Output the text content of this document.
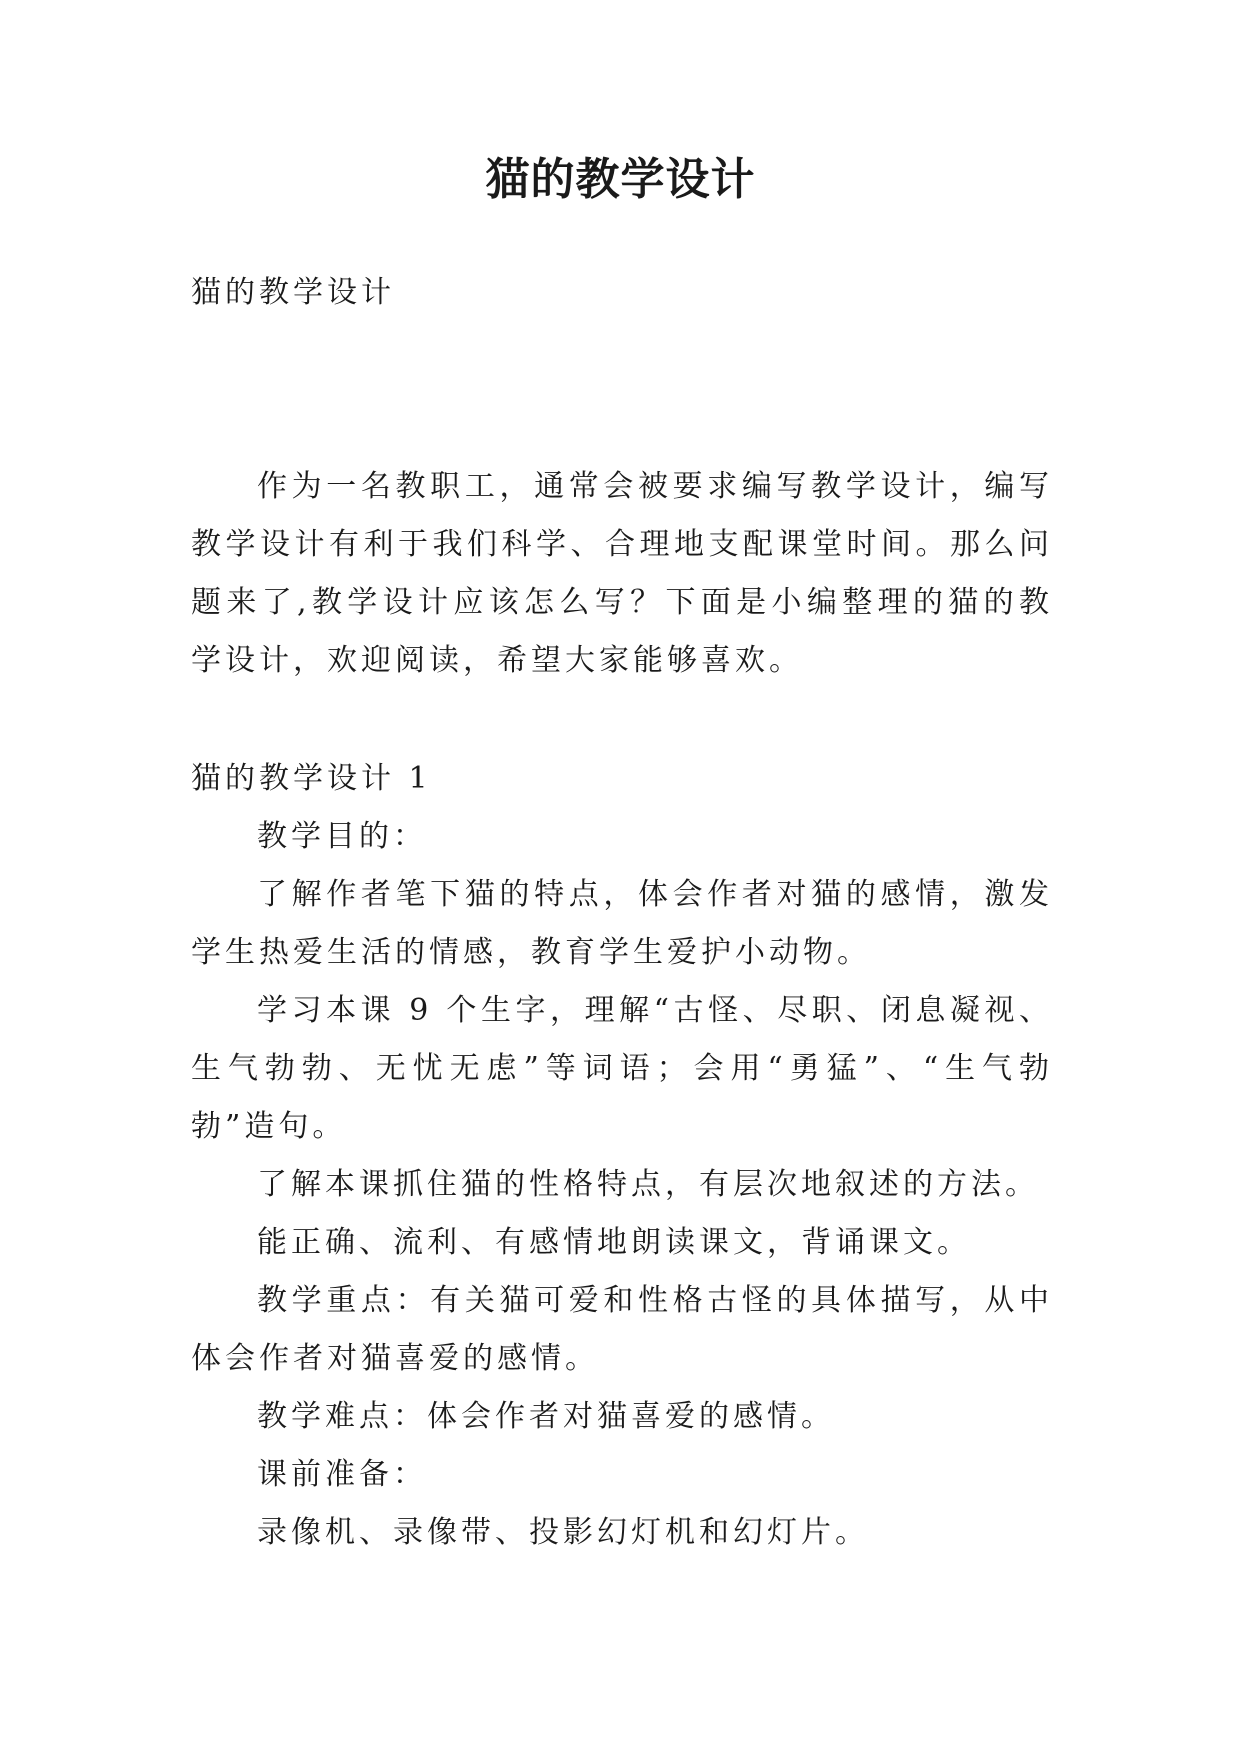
猫的教学设计

猫的教学设计

作为一名教职工，通常会被要求编写教学设计，编写教学设计有利于我们科学、合理地支配课堂时间。那么问题来了,教学设计应该怎么写？下面是小编整理的猫的教学设计，欢迎阅读，希望大家能够喜欢。

猫的教学设计 1

教学目的：

了解作者笔下猫的特点，体会作者对猫的感情，激发学生热爱生活的情感，教育学生爱护小动物。

学习本课 9 个生字，理解“古怪、尽职、闭息凝视、生气勃勃、无忧无虑”等词语；会用“勇猛”、“生气勃勃”造句。

了解本课抓住猫的性格特点，有层次地叙述的方法。

能正确、流利、有感情地朗读课文，背诵课文。

教学重点：有关猫可爱和性格古怪的具体描写，从中体会作者对猫喜爱的感情。

教学难点：体会作者对猫喜爱的感情。

课前准备：

录像机、录像带、投影幻灯机和幻灯片。
